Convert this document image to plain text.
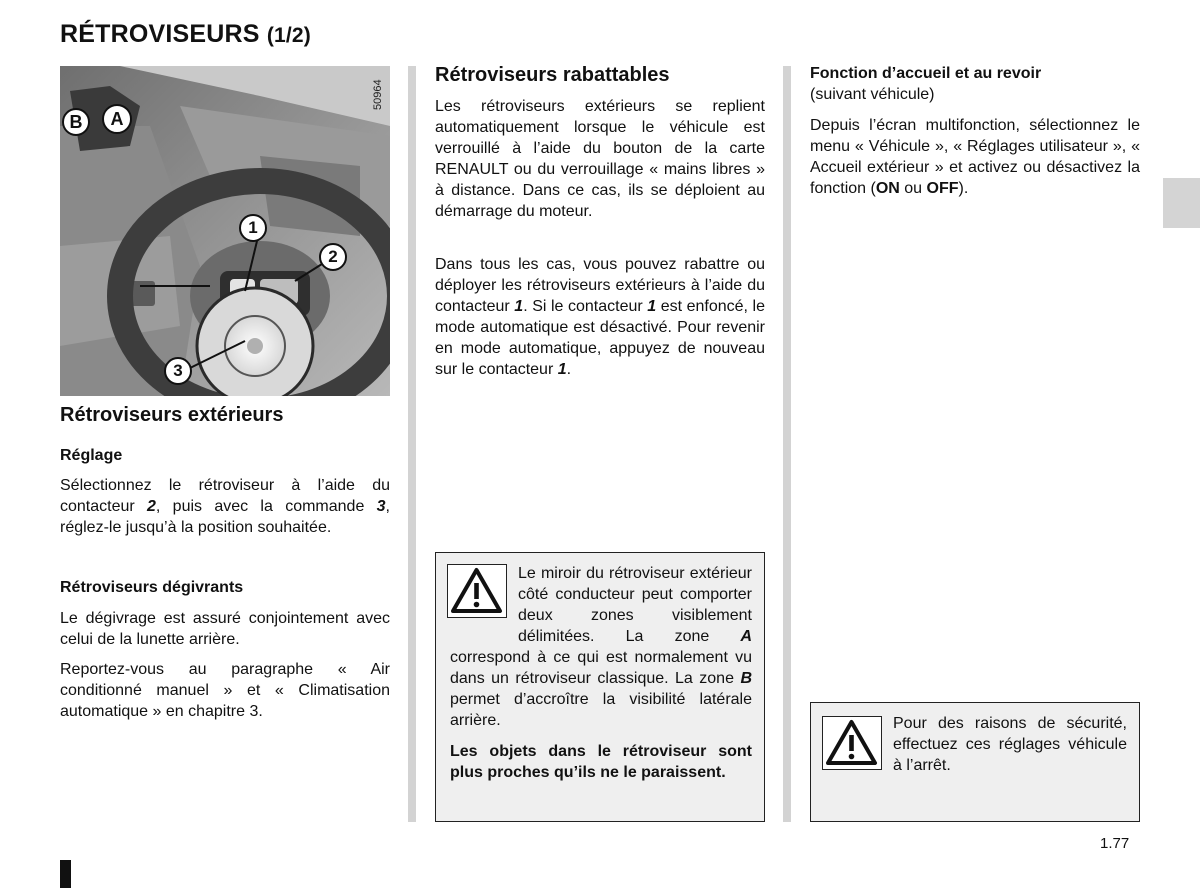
RÉTROVISEURS (1/2)
B	A
1
2
3
50964
Rétroviseurs extérieurs
Réglage
Sélectionnez le rétroviseur à l’aide du contacteur 2, puis avec la commande 3, réglez-le jusqu’à la position souhaitée.
Rétroviseurs dégivrants
Le dégivrage est assuré conjointement avec celui de la lunette arrière.
Reportez-vous au paragraphe « Air conditionné manuel » et « Climatisation automatique » en chapitre 3.
Rétroviseurs rabattables
Les rétroviseurs extérieurs se replient automatiquement lorsque le véhicule est verrouillé à l’aide du bouton de la carte RENAULT ou du verrouillage « mains libres » à distance. Dans ce cas, ils se déploient au démarrage du moteur.
Dans tous les cas, vous pouvez rabattre ou déployer les rétroviseurs extérieurs à l’aide du contacteur 1. Si le contacteur 1 est enfoncé, le mode automatique est désactivé. Pour revenir en mode automatique, appuyez de nouveau sur le contacteur 1.
Le miroir du rétroviseur extérieur côté conducteur peut comporter deux zones visiblement délimitées. La zone A correspond à ce qui est normalement vu dans un rétroviseur classique. La zone B permet d’accroître la visibilité latérale arrière.
Les objets dans le rétroviseur sont plus proches qu’ils ne le paraissent.
Fonction d’accueil et au revoir
(suivant véhicule)
Depuis l’écran multifonction, sélectionnez le menu « Véhicule », « Réglages utilisateur », « Accueil extérieur » et activez ou désactivez la fonction (ON ou OFF).
Pour des raisons de sécurité, effectuez ces réglages véhicule à l’arrêt.
1.77
